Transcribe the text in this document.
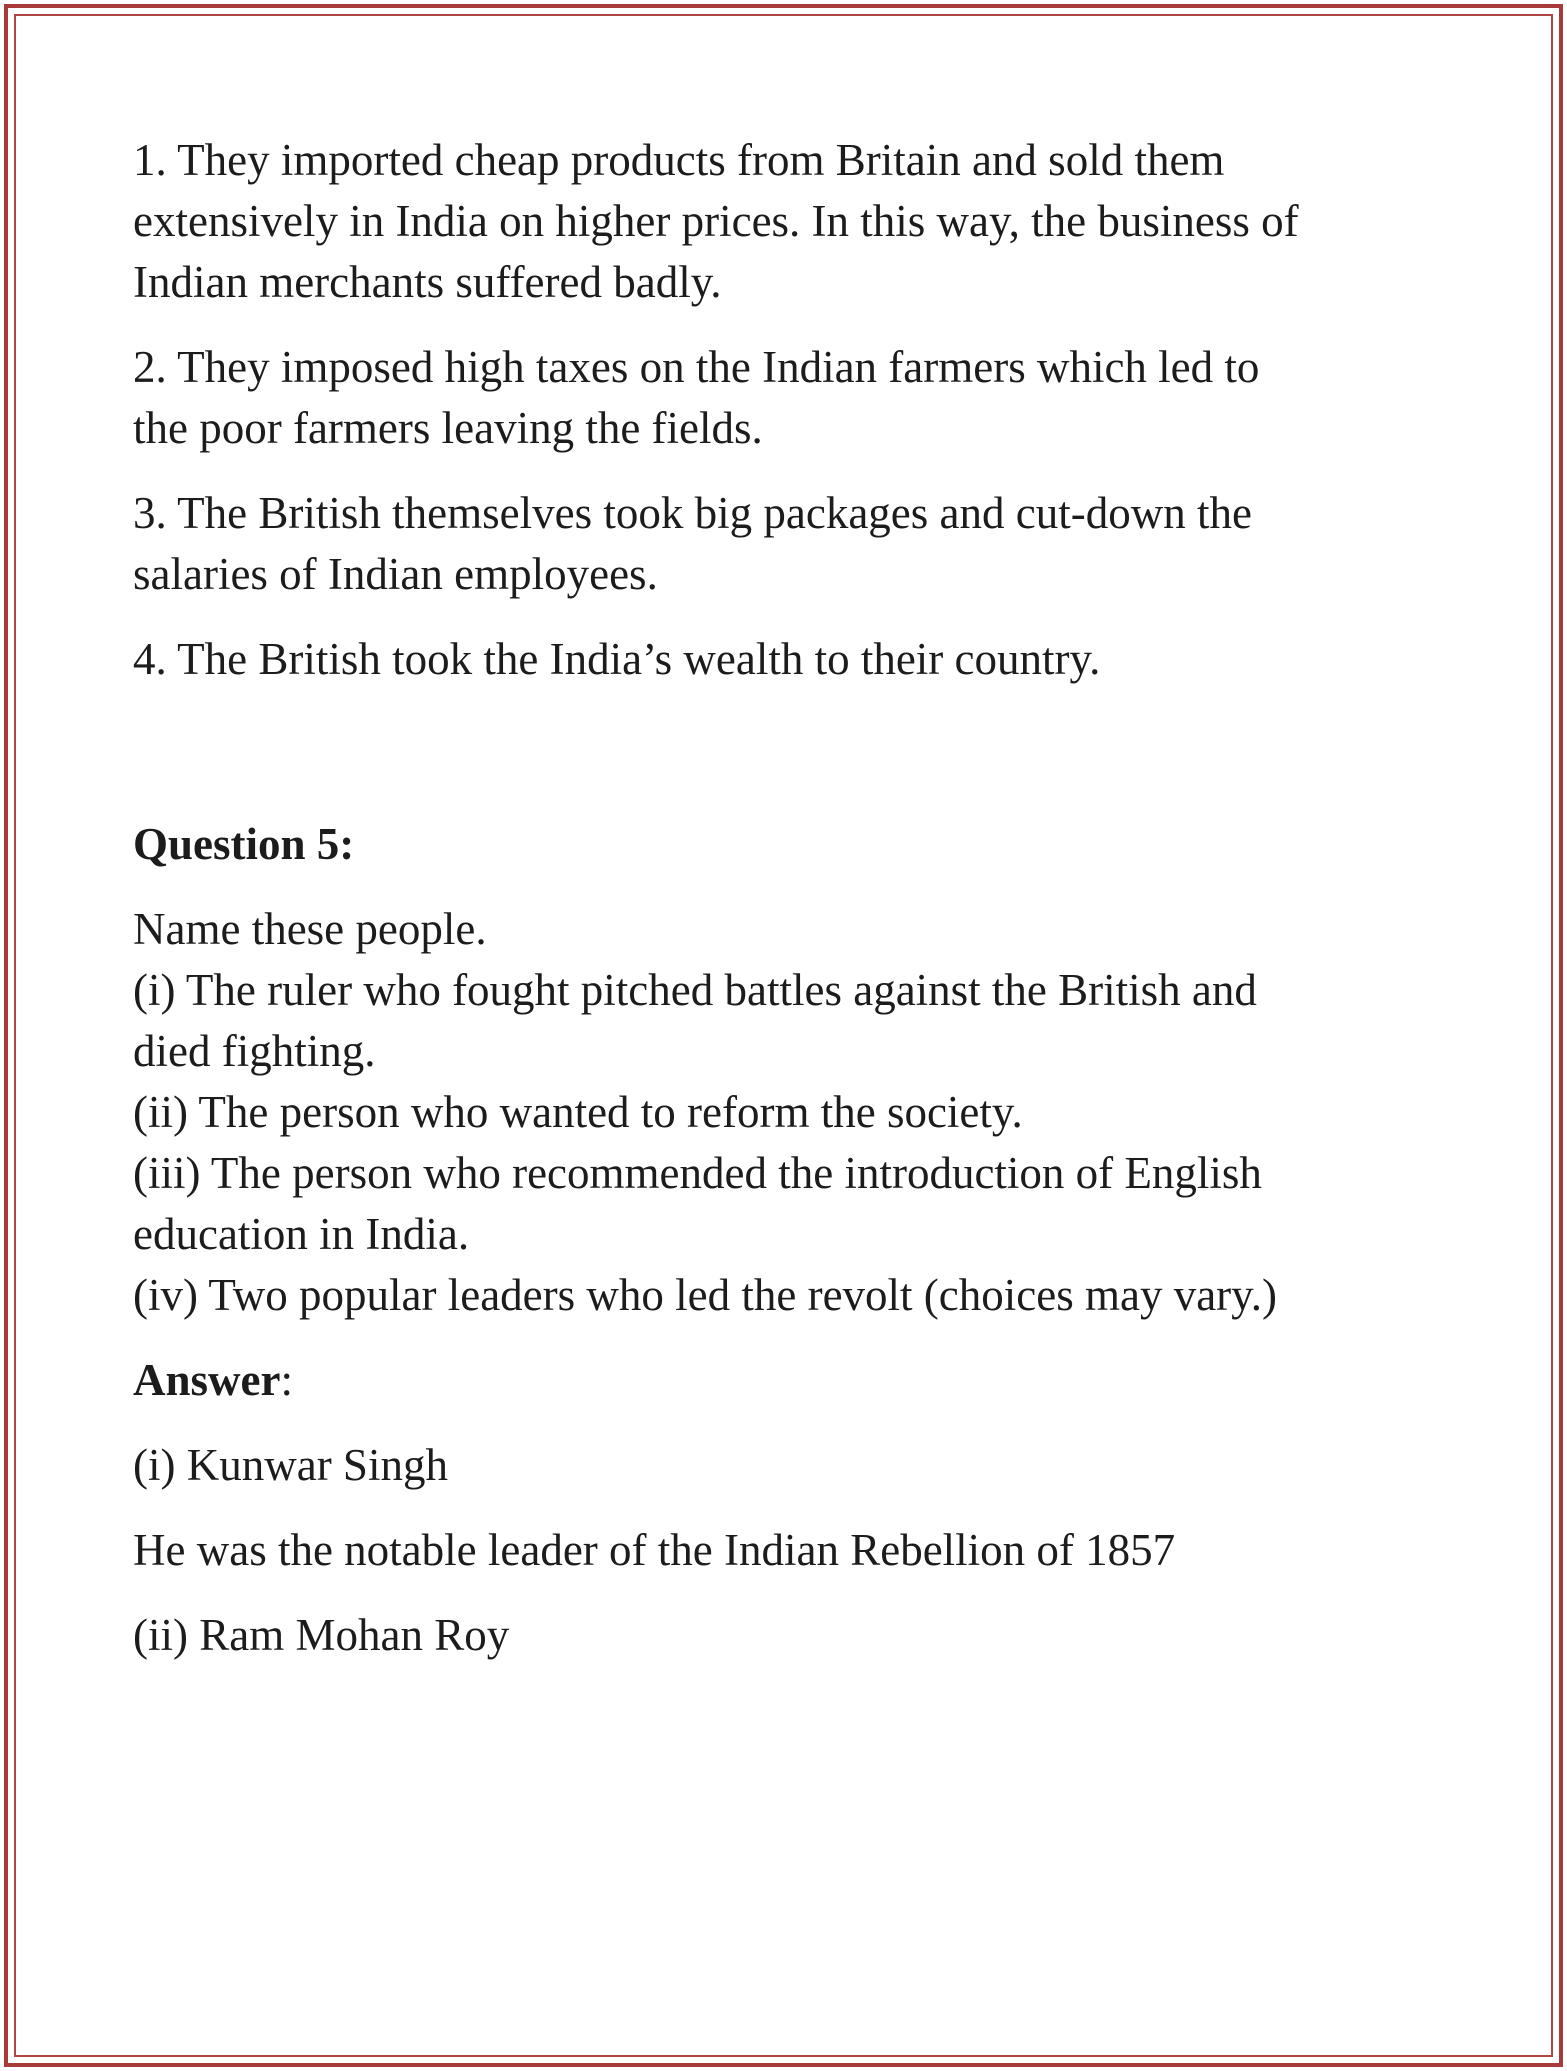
1. They imported cheap products from Britain and sold them
extensively in India on higher prices. In this way, the business of
Indian merchants suffered badly.

2. They imposed high taxes on the Indian farmers which led to
the poor farmers leaving the fields.

3. The British themselves took big packages and cut-down the
salaries of Indian employees.

4. The British took the India’s wealth to their country.

Question 5:

Name these people.
(i) The ruler who fought pitched battles against the British and
died fighting.
(ii) The person who wanted to reform the society.
(iii) The person who recommended the introduction of English
education in India.
(iv) Two popular leaders who led the revolt (choices may vary.)

Answer:

(i) Kunwar Singh

He was the notable leader of the Indian Rebellion of 1857

(ii) Ram Mohan Roy
